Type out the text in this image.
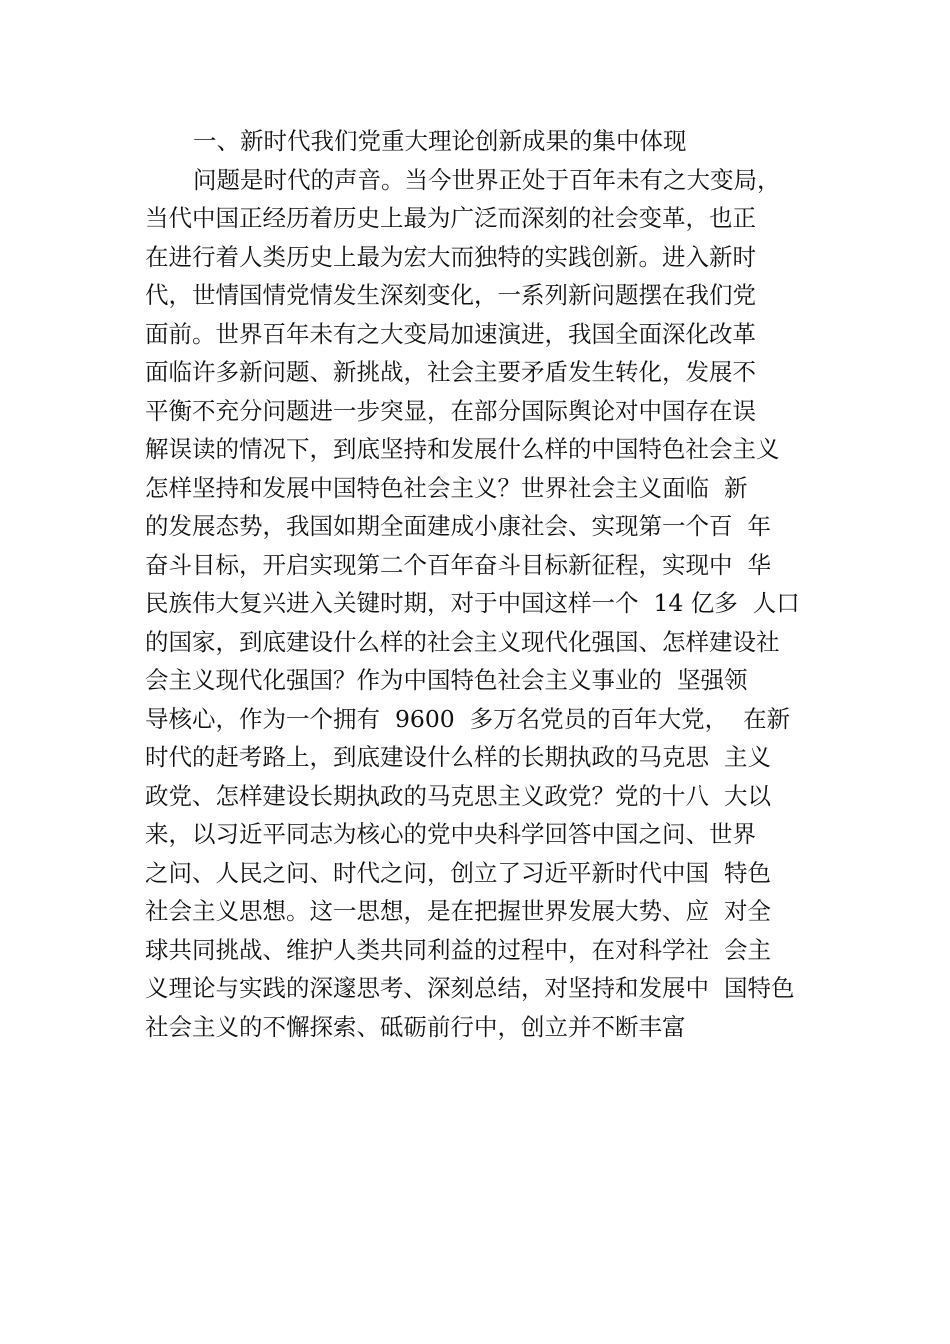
一、新时代我们党重大理论创新成果的集中体现

问题是时代的声音。当今世界正处于百年未有之大变局，

当代中国正经历着历史上最为广泛而深刻的社会变革，也正

在进行着人类历史上最为宏大而独特的实践创新。进入新时

代，世情国情党情发生深刻变化，一系列新问题摆在我们党

面前。世界百年未有之大变局加速演进，我国全面深化改革

面临许多新问题、新挑战，社会主要矛盾发生转化，发展不

平衡不充分问题进一步突显，在部分国际舆论对中国存在误

解误读的情况下，到底坚持和发展什么样的中国特色社会主义

怎样坚持和发展中国特色社会主义？世界社会主义面临  新

的发展态势，我国如期全面建成小康社会、实现第一个百  年

奋斗目标，开启实现第二个百年奋斗目标新征程，实现中  华

民族伟大复兴进入关键时期，对于中国这样一个  14 亿多  人口

的国家，到底建设什么样的社会主义现代化强国、怎样建设社

会主义现代化强国？作为中国特色社会主义事业的  坚强领

导核心，作为一个拥有  9600  多万名党员的百年大党，  在新

时代的赶考路上，到底建设什么样的长期执政的马克思  主义

政党、怎样建设长期执政的马克思主义政党？党的十八  大以

来，以习近平同志为核心的党中央科学回答中国之问、世界

之问、人民之问、时代之问，创立了习近平新时代中国  特色

社会主义思想。这一思想，是在把握世界发展大势、应  对全

球共同挑战、维护人类共同利益的过程中，在对科学社  会主

义理论与实践的深邃思考、深刻总结，对坚持和发展中  国特色

社会主义的不懈探索、砥砺前行中，创立并不断丰富
